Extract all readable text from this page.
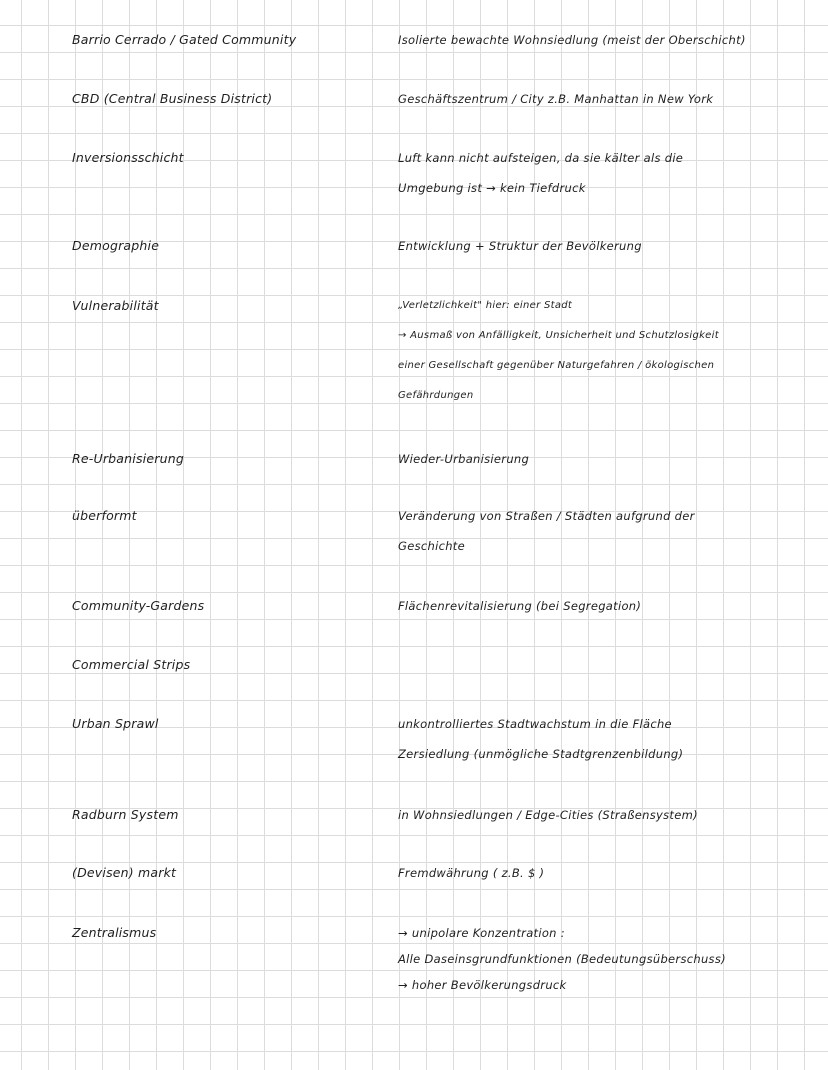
Barrio Cerrado / Gated Community	Isolierte bewachte Wohnsiedlung (meist der Oberschicht)
CBD (Central Business District)	Geschäftszentrum / City z.B. Manhattan in New York
Inversionsschicht	Luft kann nicht aufsteigen, da sie kälter als die
Umgebung ist → kein Tiefdruck
Demographie	Entwicklung + Struktur der Bevölkerung
Vulnerabilität	„Verletzlichkeit" hier: einer Stadt
→ Ausmaß von Anfälligkeit, Unsicherheit und Schutzlosigkeit
einer Gesellschaft gegenüber Naturgefahren / ökologischen
Gefährdungen
Re-Urbanisierung	Wieder-Urbanisierung
überformt	Veränderung von Straßen / Städten aufgrund der
Geschichte
Community-Gardens	Flächenrevitalisierung (bei Segregation)
Commercial Strips
Urban Sprawl	unkontrolliertes Stadtwachstum in die Fläche
Zersiedlung (unmögliche Stadtgrenzenbildung)
Radburn System	in Wohnsiedlungen / Edge-Cities (Straßensystem)
(Devisen) markt	Fremdwährung ( z.B. $ )
Zentralismus	→ unipolare Konzentration :
Alle Daseinsgrundfunktionen (Bedeutungsüberschuss)
→ hoher Bevölkerungsdruck
